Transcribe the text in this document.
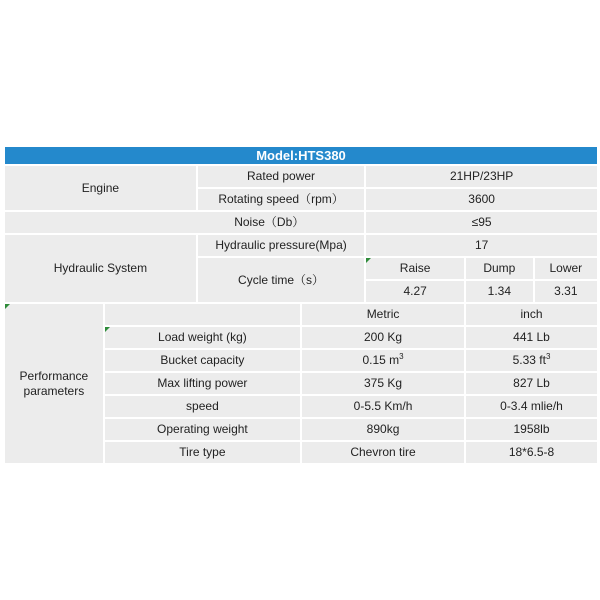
Model:HTS380						
Engine		Rated power		21HP/23HP		
		Rotating speed（rpm）		3600		
Noise（Db）				≤95		
Hydraulic System		Hydraulic pressure(Mpa)		17		
		Cycle time（s）		Raise	Dump	Lower
				4.27	1.34	3.31
Performance parameters			Metric		inch	
	Load weight (kg)		200 Kg		441 Lb	
	Bucket capacity		0.15 $m^3$		5.33 $ft^3$
	Max lifting power		375 Kg		827 Lb	
	speed		0-5.5 Km/h		0-3.4 mlie/h	
	Operating weight		890kg		1958lb	
	Tire type		Chevron tire		18*6.5-8	
